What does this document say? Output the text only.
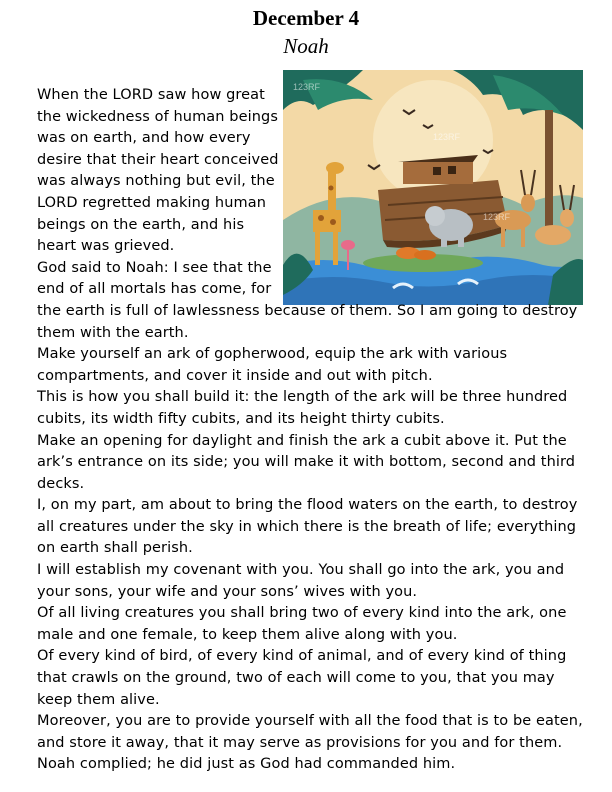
December 4
Noah
123RF
123RF
123RF
When the LORD saw how great
the wickedness of human beings
was on earth, and how every
desire that their heart conceived
was always nothing but evil, the
LORD regretted making human
beings on the earth, and his
heart was grieved.
God said to Noah: I see that the
end of all mortals has come, for
the earth is full of lawlessness because of them. So I am going to destroy
them with the earth.
Make yourself an ark of gopherwood, equip the ark with various
compartments, and cover it inside and out with pitch.
This is how you shall build it: the length of the ark will be three hundred
cubits, its width fifty cubits, and its height thirty cubits.
Make an opening for daylight and finish the ark a cubit above it. Put the
ark’s entrance on its side; you will make it with bottom, second and third
decks.
I, on my part, am about to bring the flood waters on the earth, to destroy
all creatures under the sky in which there is the breath of life; everything
on earth shall perish.
I will establish my covenant with you. You shall go into the ark, you and
your sons, your wife and your sons’ wives with you.
Of all living creatures you shall bring two of every kind into the ark, one
male and one female, to keep them alive along with you.
Of every kind of bird, of every kind of animal, and of every kind of thing
that crawls on the ground, two of each will come to you, that you may
keep them alive.
Moreover, you are to provide yourself with all the food that is to be eaten,
and store it away, that it may serve as provisions for you and for them.
Noah complied; he did just as God had commanded him.
